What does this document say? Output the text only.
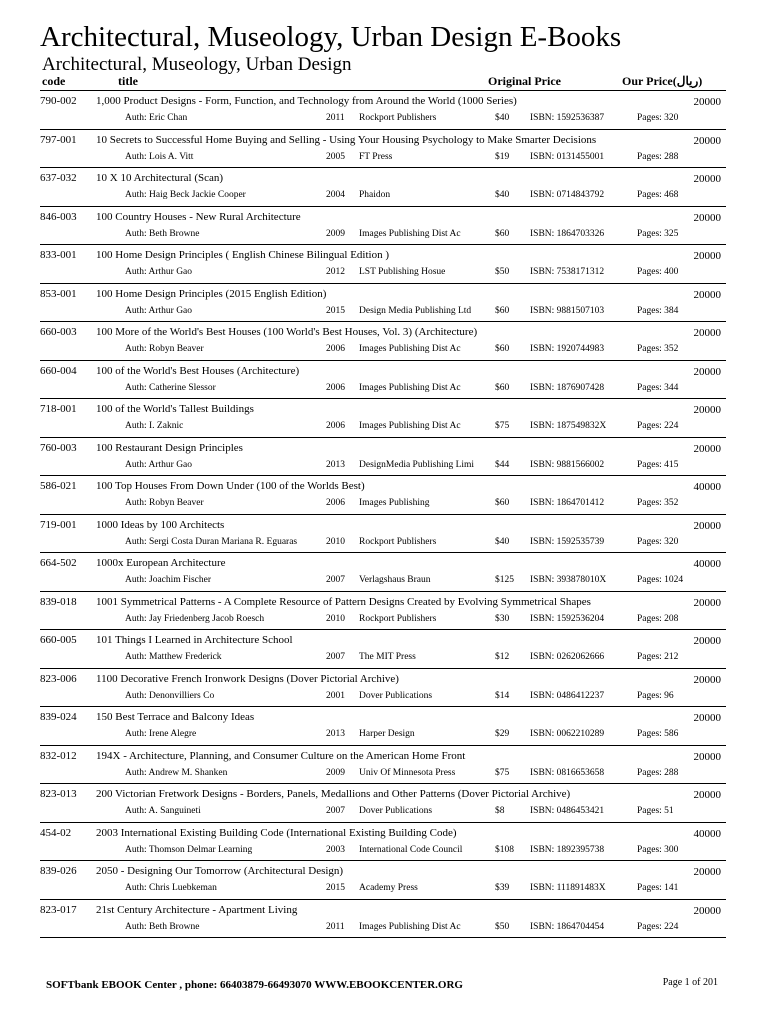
Architectural, Museology, Urban Design E-Books
Architectural, Museology, Urban Design
code	title	Original Price	Our Price(ریال)
790-002 1,000 Product Designs - Form, Function, and Technology from Around the World (1000 Series)	20000
Auth: Eric Chan	2011 Rockport Publishers	$40 ISBN: 1592536387	Pages: 320
797-001 10 Secrets to Successful Home Buying and Selling - Using Your Housing Psychology to Make Smarter Decisions	20000
Auth: Lois A. Vitt	2005 FT Press	$19 ISBN: 0131455001	Pages: 288
637-032 10 X 10 Architectural (Scan)	20000
Auth: Haig Beck Jackie Cooper	2004 Phaidon	$40 ISBN: 0714843792	Pages: 468
846-003 100 Country Houses - New Rural Architecture	20000
Auth: Beth Browne	2009 Images Publishing Dist Ac	$60 ISBN: 1864703326	Pages: 325
833-001 100 Home Design Principles ( English Chinese Bilingual Edition )	20000
Auth: Arthur Gao	2012 LST Publishing Hosue	$50 ISBN: 7538171312	Pages: 400
853-001 100 Home Design Principles (2015 English Edition)	20000
Auth: Arthur Gao	2015 Design Media Publishing Ltd	$60 ISBN: 9881507103	Pages: 384
660-003 100 More of the World's Best Houses (100 World's Best Houses, Vol. 3) (Architecture)	20000
Auth: Robyn Beaver	2006 Images Publishing Dist Ac	$60 ISBN: 1920744983	Pages: 352
660-004 100 of the World's Best Houses (Architecture)	20000
Auth: Catherine Slessor	2006 Images Publishing Dist Ac	$60 ISBN: 1876907428	Pages: 344
718-001 100 of the World's Tallest Buildings	20000
Auth: I. Zaknic	2006 Images Publishing Dist Ac	$75 ISBN: 187549832X	Pages: 224
760-003 100 Restaurant Design Principles	20000
Auth: Arthur Gao	2013 DesignMedia Publishing Limi $44 ISBN: 9881566002	Pages: 415
586-021 100 Top Houses From Down Under (100 of the Worlds Best)	40000
Auth: Robyn Beaver	2006 Images Publishing	$60 ISBN: 1864701412	Pages: 352
719-001 1000 Ideas by 100 Architects	20000
Auth: Sergi Costa Duran Mariana R. Eguaras	2010 Rockport Publishers	$40 ISBN: 1592535739	Pages: 320
664-502 1000x European Architecture	40000
Auth: Joachim Fischer	2007 Verlagshaus Braun	$125 ISBN: 393878010X	Pages: 1024
839-018 1001 Symmetrical Patterns - A Complete Resource of Pattern Designs Created by Evolving Symmetrical Shapes	20000
Auth: Jay Friedenberg Jacob Roesch	2010 Rockport Publishers	$30 ISBN: 1592536204	Pages: 208
660-005 101 Things I Learned in Architecture School	20000
Auth: Matthew Frederick	2007 The MIT Press	$12 ISBN: 0262062666	Pages: 212
823-006 1100 Decorative French Ironwork Designs (Dover Pictorial Archive)	20000
Auth: Denonvilliers Co	2001 Dover Publications	$14 ISBN: 0486412237	Pages: 96
839-024 150 Best Terrace and Balcony Ideas	20000
Auth: Irene Alegre	2013 Harper Design	$29 ISBN: 0062210289	Pages: 586
832-012 194X - Architecture, Planning, and Consumer Culture on the American Home Front	20000
Auth: Andrew M. Shanken	2009 Univ Of Minnesota Press	$75 ISBN: 0816653658	Pages: 288
823-013 200 Victorian Fretwork Designs - Borders, Panels, Medallions and Other Patterns (Dover Pictorial Archive)	20000
Auth: A. Sanguineti	2007 Dover Publications	$8	ISBN: 0486453421	Pages: 51
454-02 2003 International Existing Building Code (International Existing Building Code)	40000
Auth: Thomson Delmar Learning	2003 International Code Council	$108 ISBN: 1892395738	Pages: 300
839-026 2050 - Designing Our Tomorrow (Architectural Design)	20000
Auth: Chris Luebkeman	2015 Academy Press	$39 ISBN: 111891483X	Pages: 141
823-017 21st Century Architecture - Apartment Living	20000
Auth: Beth Browne	2011 Images Publishing Dist Ac	$50 ISBN: 1864704454	Pages: 224
SOFTbank EBOOK Center , phone: 66403879-66493070 WWW.EBOOKCENTER.ORG	Page 1 of 201
